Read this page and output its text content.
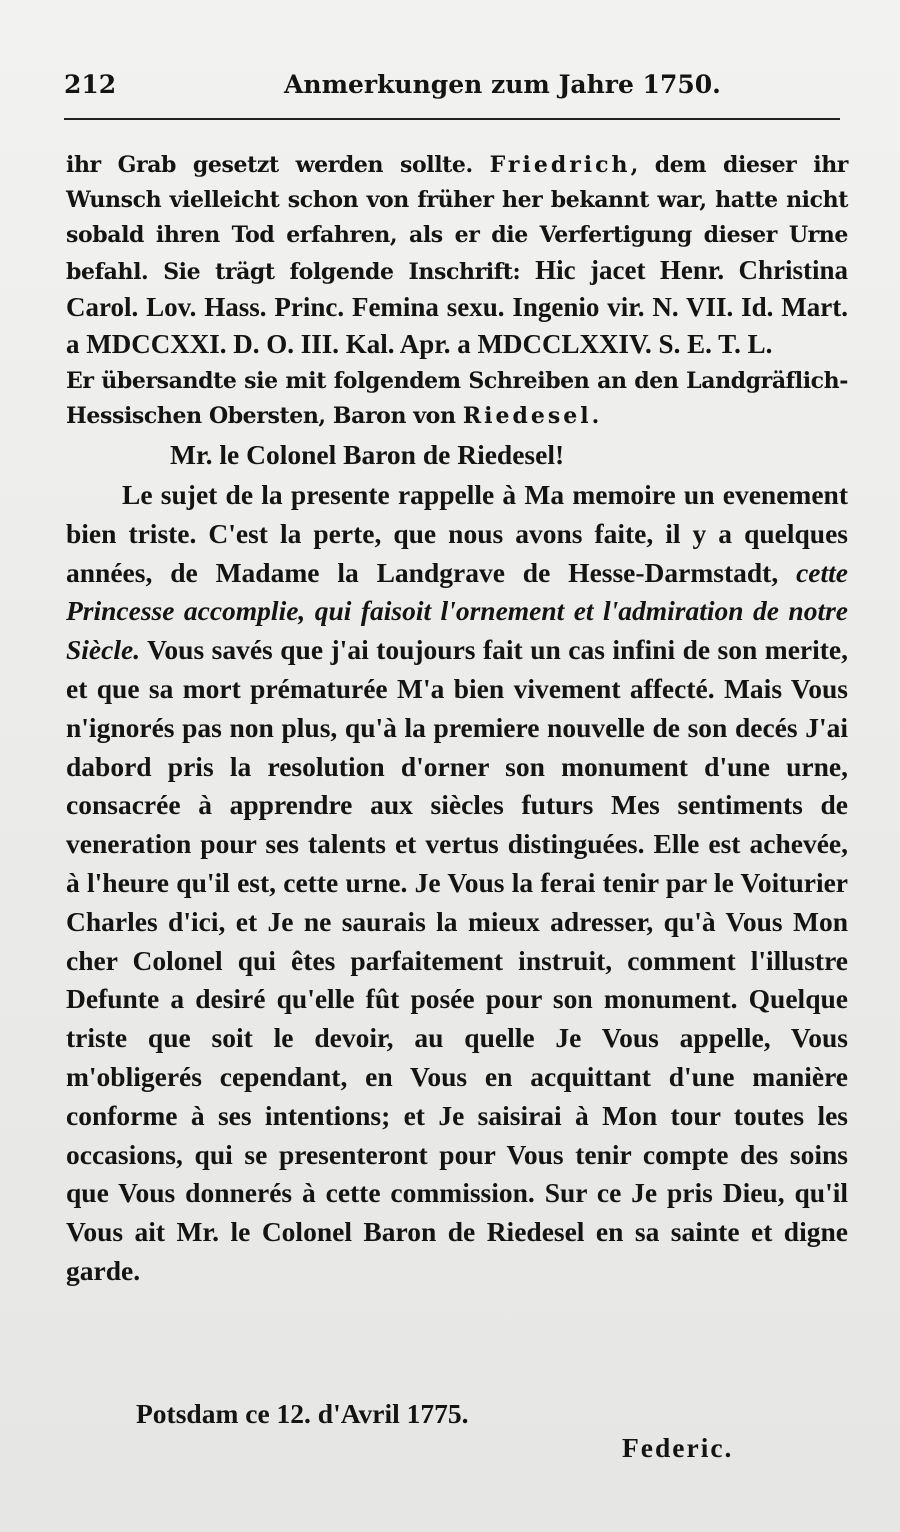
212	Anmerkungen zum Jahre 1750.
ihr Grab gesetzt werden sollte. Friedrich, dem dieser ihr Wunsch vielleicht schon von früher her bekannt war, hatte nicht sobald ihren Tod erfahren, als er die Verfertigung dieser Urne befahl. Sie trägt folgende Inschrift: Hic jacet Henr. Christina Carol. Lov. Hass. Princ. Femina sexu. Ingenio vir. N. VII. Id. Mart. a MDCCXXI. D. O. III. Kal. Apr. a MDCCLXXIV. S. E. T. L.
Er übersandte sie mit folgendem Schreiben an den Landgräflich-Hessischen Obersten, Baron von Riedesel.
Mr. le Colonel Baron de Riedesel!
Le sujet de la presente rappelle à Ma memoire un evenement bien triste. C'est la perte, que nous avons faite, il y a quelques années, de Madame la Landgrave de Hesse-Darmstadt, cette Princesse accomplie, qui faisoit l'ornement et l'admiration de notre Siècle. Vous savés que j'ai toujours fait un cas infini de son merite, et que sa mort prématurée M'a bien vivement affecté. Mais Vous n'ignorés pas non plus, qu'à la premiere nouvelle de son decés J'ai dabord pris la resolution d'orner son monument d'une urne, consacrée à apprendre aux siècles futurs Mes sentiments de veneration pour ses talents et vertus distinguées. Elle est achevée, à l'heure qu'il est, cette urne. Je Vous la ferai tenir par le Voiturier Charles d'ici, et Je ne saurais la mieux adresser, qu'à Vous Mon cher Colonel qui êtes parfaitement instruit, comment l'illustre Defunte a desiré qu'elle fût posée pour son monument. Quelque triste que soit le devoir, au quelle Je Vous appelle, Vous m'obligerés cependant, en Vous en acquittant d'une manière conforme à ses intentions; et Je saisirai à Mon tour toutes les occasions, qui se presenteront pour Vous tenir compte des soins que Vous donnerés à cette commission. Sur ce Je pris Dieu, qu'il Vous ait Mr. le Colonel Baron de Riedesel en sa sainte et digne garde.
Potsdam ce 12. d'Avril 1775.
Federic.
